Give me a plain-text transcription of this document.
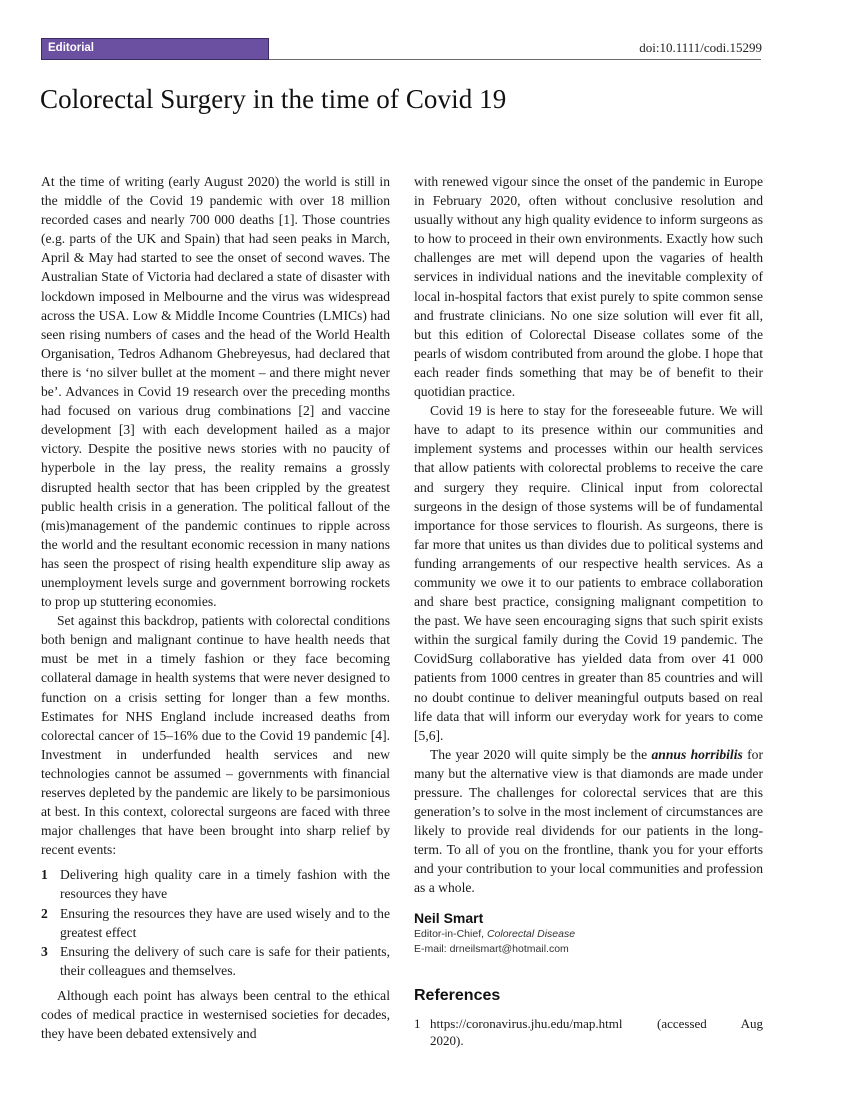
Editorial	doi:10.1111/codi.15299
Colorectal Surgery in the time of Covid 19

At the time of writing (early August 2020) the world is still in the middle of the Covid 19 pandemic with over 18 million recorded cases and nearly 700 000 deaths [1]. Those countries (e.g. parts of the UK and Spain) that had seen peaks in March, April & May had started to see the onset of second waves. The Australian State of Victoria had declared a state of disaster with lockdown imposed in Melbourne and the virus was widespread across the USA. Low & Middle Income Countries (LMICs) had seen rising numbers of cases and the head of the World Health Organisation, Tedros Adhanom Ghebreyesus, had declared that there is ‘no silver bullet at the moment – and there might never be’. Advances in Covid 19 research over the preceding months had focused on various drug combinations [2] and vaccine development [3] with each development hailed as a major victory. Despite the positive news stories with no paucity of hyperbole in the lay press, the reality remains a grossly disrupted health sector that has been crippled by the greatest public health crisis in a generation. The political fallout of the (mis)management of the pandemic continues to ripple across the world and the resultant economic recession in many nations has seen the prospect of rising health expenditure slip away as unemployment levels surge and government borrowing rockets to prop up stuttering economies.

Set against this backdrop, patients with colorectal conditions both benign and malignant continue to have health needs that must be met in a timely fashion or they face becoming collateral damage in health systems that were never designed to function on a crisis setting for longer than a few months. Estimates for NHS England include increased deaths from colorectal cancer of 15–16% due to the Covid 19 pandemic [4]. Investment in underfunded health services and new technologies cannot be assumed – governments with financial reserves depleted by the pandemic are likely to be parsimonious at best. In this context, colorectal surgeons are faced with three major challenges that have been brought into sharp relief by recent events:

1 Delivering high quality care in a timely fashion with the resources they have
2 Ensuring the resources they have are used wisely and to the greatest effect
3 Ensuring the delivery of such care is safe for their patients, their colleagues and themselves.

Although each point has always been central to the ethical codes of medical practice in westernised societies for decades, they have been debated extensively and

with renewed vigour since the onset of the pandemic in Europe in February 2020, often without conclusive resolution and usually without any high quality evidence to inform surgeons as to how to proceed in their own environments. Exactly how such challenges are met will depend upon the vagaries of health services in individual nations and the inevitable complexity of local in-hospital factors that exist purely to spite common sense and frustrate clinicians. No one size solution will ever fit all, but this edition of Colorectal Disease collates some of the pearls of wisdom contributed from around the globe. I hope that each reader finds something that may be of benefit to their quotidian practice.

Covid 19 is here to stay for the foreseeable future. We will have to adapt to its presence within our communities and implement systems and processes within our health services that allow patients with colorectal problems to receive the care and surgery they require. Clinical input from colorectal surgeons in the design of those systems will be of fundamental importance for those services to flourish. As surgeons, there is far more that unites us than divides due to political systems and funding arrangements of our respective health services. As a community we owe it to our patients to embrace collaboration and share best practice, consigning malignant competition to the past. We have seen encouraging signs that such spirit exists within the surgical family during the Covid 19 pandemic. The CovidSurg collaborative has yielded data from over 41 000 patients from 1000 centres in greater than 85 countries and will no doubt continue to deliver meaningful outputs based on real life data that will inform our everyday work for years to come [5,6].

The year 2020 will quite simply be the annus horribilis for many but the alternative view is that diamonds are made under pressure. The challenges for colorectal services that are this generation’s to solve in the most inclement of circumstances are likely to provide real dividends for our patients in the long-term. To all of you on the frontline, thank you for your efforts and your contribution to your local communities and profession as a whole.

Neil Smart
Editor-in-Chief, Colorectal Disease
E-mail: drneilsmart@hotmail.com
References
1 https://coronavirus.jhu.edu/map.html (accessed Aug
2020).
